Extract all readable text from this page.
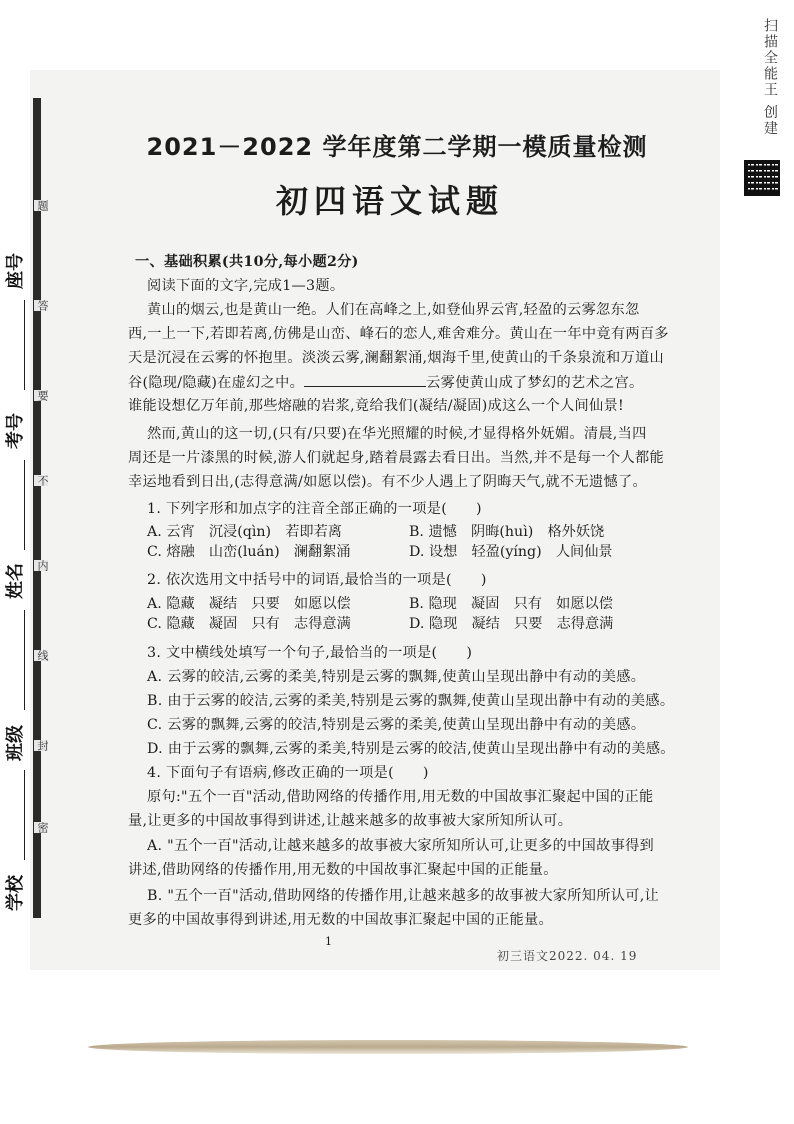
扫描全能王 创建
题
答
要
不
内
线
封
密
座号
考号
姓名
班级
学校
2021－2022 学年度第二学期一模质量检测
初四语文试题
一、基础积累(共10分,每小题2分)
阅读下面的文字,完成1—3题。
黄山的烟云,也是黄山一绝。人们在高峰之上,如登仙界云宵,轻盈的云雾忽东忽
西,一上一下,若即若离,仿佛是山峦、峰石的恋人,难舍难分。黄山在一年中竟有两百多
天是沉浸在云雾的怀抱里。淡淡云雾,澜翻絮涌,烟海千里,使黄山的千条泉流和万道山
谷(隐现/隐藏)在虚幻之中。	云雾使黄山成了梦幻的艺术之宫。
谁能设想亿万年前,那些熔融的岩浆,竟给我们(凝结/凝固)成这么一个人间仙景!
然而,黄山的这一切,(只有/只要)在华光照耀的时候,才显得格外妩媚。清晨,当四
周还是一片漆黑的时候,游人们就起身,踏着晨露去看日出。当然,并不是每一个人都能
幸运地看到日出,(志得意满/如愿以偿)。有不少人遇上了阴晦天气,就不无遗憾了。
1. 下列字形和加点字的注音全部正确的一项是(　　)
A. 云宵　沉浸(qìn)　若即若离	B. 遗憾　阴晦(huì)　格外妖饶
C. 熔融　山峦(luán)　澜翻絮涌	D. 设想　轻盈(yíng)　人间仙景
2. 依次选用文中括号中的词语,最恰当的一项是(　　)
A. 隐藏　凝结　只要　如愿以偿	B. 隐现　凝固　只有　如愿以偿
C. 隐藏　凝固　只有　志得意满	D. 隐现　凝结　只要　志得意满
3. 文中横线处填写一个句子,最恰当的一项是(　　)
A. 云雾的皎洁,云雾的柔美,特别是云雾的飘舞,使黄山呈现出静中有动的美感。
B. 由于云雾的皎洁,云雾的柔美,特别是云雾的飘舞,使黄山呈现出静中有动的美感。
C. 云雾的飘舞,云雾的皎洁,特别是云雾的柔美,使黄山呈现出静中有动的美感。
D. 由于云雾的飘舞,云雾的柔美,特别是云雾的皎洁,使黄山呈现出静中有动的美感。
4. 下面句子有语病,修改正确的一项是(　　)
原句:"五个一百"活动,借助网络的传播作用,用无数的中国故事汇聚起中国的正能
量,让更多的中国故事得到讲述,让越来越多的故事被大家所知所认可。
A. "五个一百"活动,让越来越多的故事被大家所知所认可,让更多的中国故事得到
讲述,借助网络的传播作用,用无数的中国故事汇聚起中国的正能量。
B. "五个一百"活动,借助网络的传播作用,让越来越多的故事被大家所知所认可,让
更多的中国故事得到讲述,用无数的中国故事汇聚起中国的正能量。
1
初三语文2022. 04. 19
